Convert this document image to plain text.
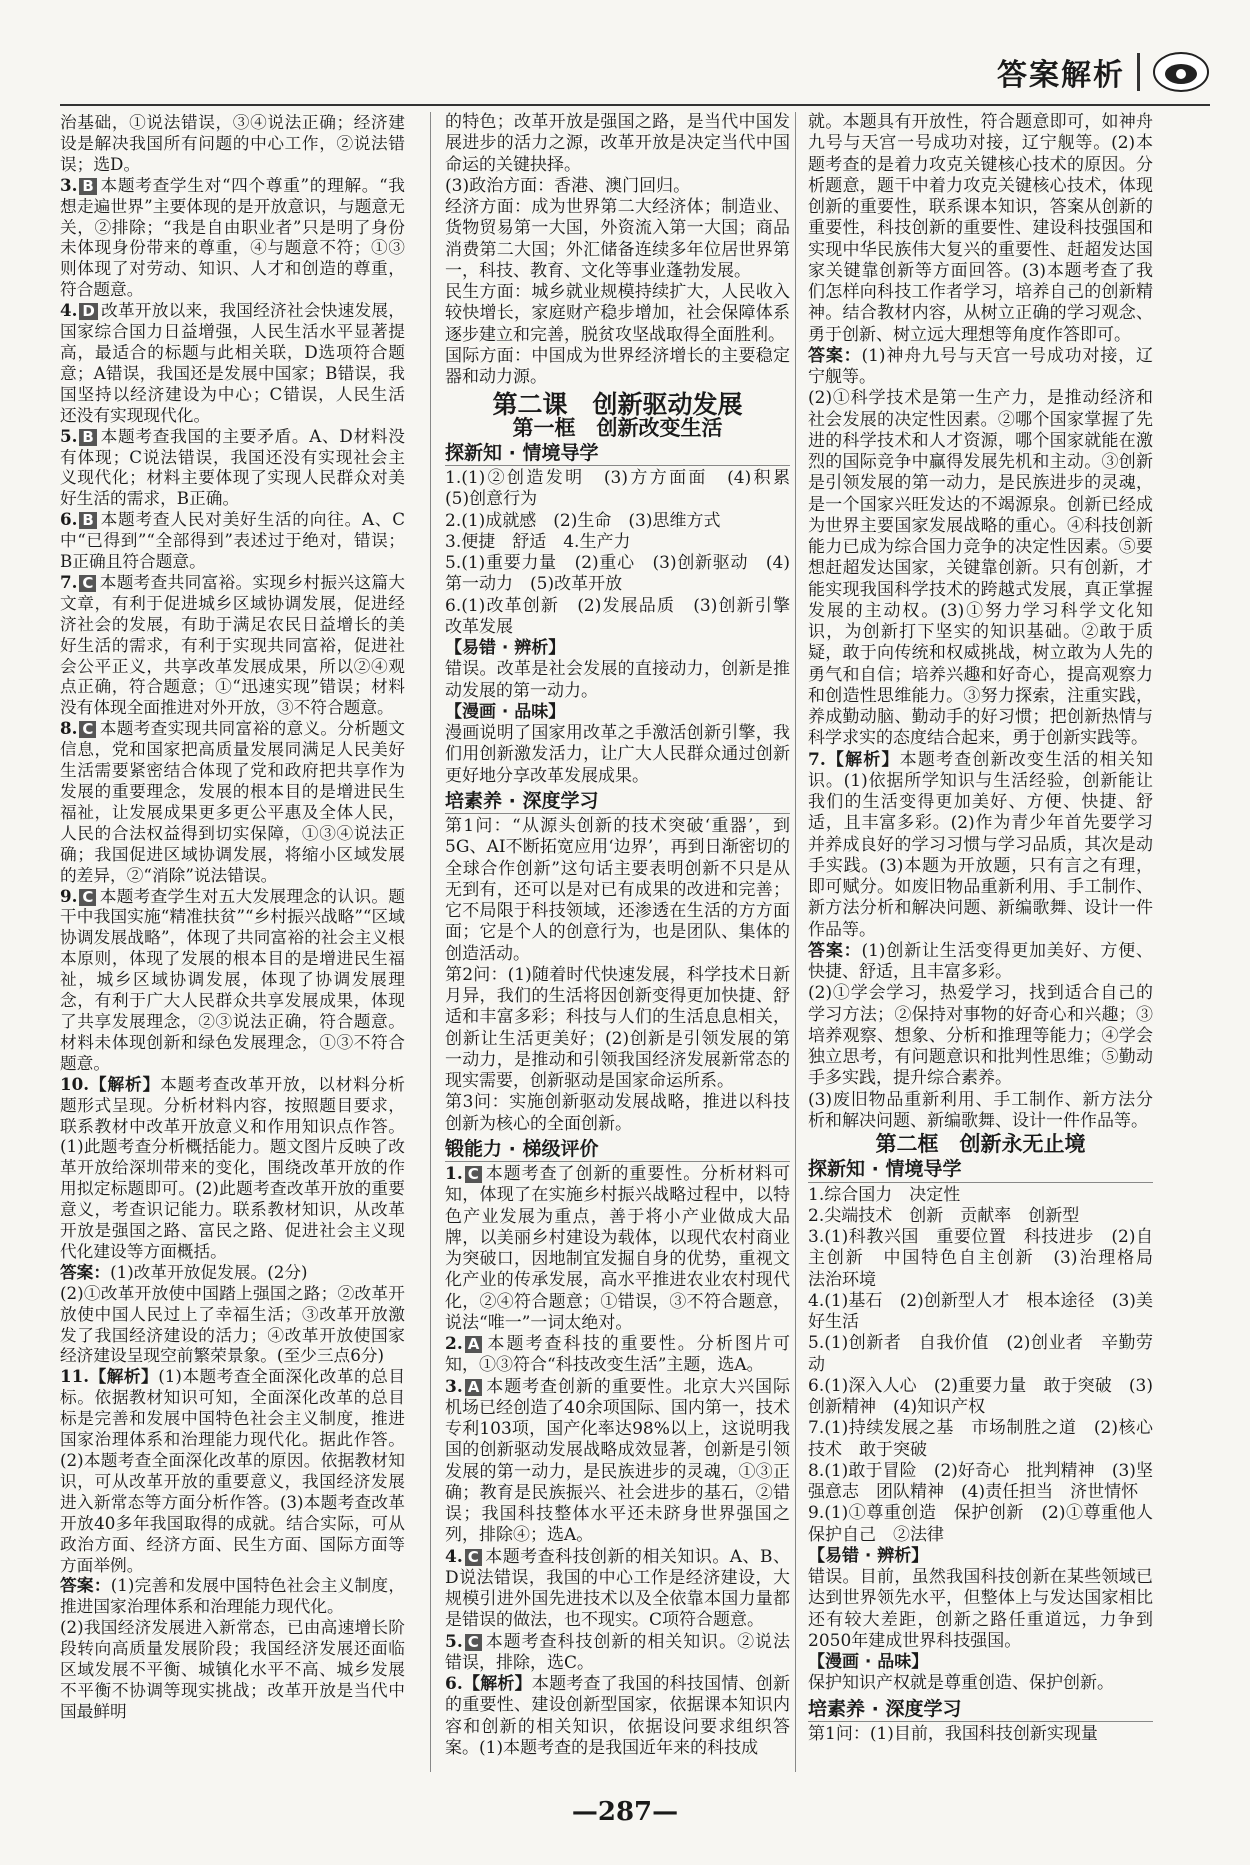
答案解析
治基础，①说法错误，③④说法正确；经济建设是解决我国所有问题的中心工作，②说法错误；选D。
3. B 本题考查学生对“四个尊重”的理解。“我想走遍世界”主要体现的是开放意识，与题意无关，②排除；“我是自由职业者”只是明了身份未体现身份带来的尊重，④与题意不符；①③则体现了对劳动、知识、人才和创造的尊重，符合题意。
4. D 改革开放以来，我国经济社会快速发展，国家综合国力日益增强，人民生活水平显著提高，最适合的标题与此相关联，D选项符合题意；A错误，我国还是发展中国家；B错误，我国坚持以经济建设为中心；C错误，人民生活还没有实现现代化。
5. B 本题考查我国的主要矛盾。A、D材料没有体现；C说法错误，我国还没有实现社会主义现代化；材料主要体现了实现人民群众对美好生活的需求，B正确。
6. B 本题考查人民对美好生活的向往。A、C中“已得到”“全部得到”表述过于绝对，错误；B正确且符合题意。
7. C 本题考查共同富裕。实现乡村振兴这篇大文章，有利于促进城乡区域协调发展，促进经济社会的发展，有助于满足农民日益增长的美好生活的需求，有利于实现共同富裕，促进社会公平正义，共享改革发展成果，所以②④观点正确，符合题意；①“迅速实现”错误；材料没有体现全面推进对外开放，③不符合题意。
8. C 本题考查实现共同富裕的意义。分析题文信息，党和国家把高质量发展同满足人民美好生活需要紧密结合体现了党和政府把共享作为发展的重要理念，发展的根本目的是增进民生福祉，让发展成果更多更公平惠及全体人民，人民的合法权益得到切实保障，①③④说法正确；我国促进区域协调发展，将缩小区域发展的差异，②“消除”说法错误。
9. C 本题考查学生对五大发展理念的认识。题干中我国实施“精准扶贫”“乡村振兴战略”“区域协调发展战略”，体现了共同富裕的社会主义根本原则，体现了发展的根本目的是增进民生福祉，城乡区域协调发展，体现了协调发展理念，有利于广大人民群众共享发展成果，体现了共享发展理念，②③说法正确，符合题意。材料未体现创新和绿色发展理念，①③不符合题意。
10.【解析】本题考查改革开放，以材料分析题形式呈现。分析材料内容，按照题目要求，联系教材中改革开放意义和作用知识点作答。(1)此题考查分析概括能力。题文图片反映了改革开放给深圳带来的变化，围绕改革开放的作用拟定标题即可。(2)此题考查改革开放的重要意义，考查识记能力。联系教材知识，从改革开放是强国之路、富民之路、促进社会主义现代化建设等方面概括。
答案：(1)改革开放促发展。(2分)
(2)①改革开放使中国踏上强国之路；②改革开放使中国人民过上了幸福生活；③改革开放激发了我国经济建设的活力；④改革开放使国家经济建设呈现空前繁荣景象。(至少三点6分)
11.【解析】(1)本题考查全面深化改革的总目标。依据教材知识可知，全面深化改革的总目标是完善和发展中国特色社会主义制度，推进国家治理体系和治理能力现代化。据此作答。(2)本题考查全面深化改革的原因。依据教材知识，可从改革开放的重要意义，我国经济发展进入新常态等方面分析作答。(3)本题考查改革开放40多年我国取得的成就。结合实际，可从政治方面、经济方面、民生方面、国际方面等方面举例。
答案：(1)完善和发展中国特色社会主义制度，推进国家治理体系和治理能力现代化。
(2)我国经济发展进入新常态，已由高速增长阶段转向高质量发展阶段；我国经济发展还面临区域发展不平衡、城镇化水平不高、城乡发展不平衡不协调等现实挑战；改革开放是当代中国最鲜明
的特色；改革开放是强国之路，是当代中国发展进步的活力之源，改革开放是决定当代中国命运的关键抉择。
(3)政治方面：香港、澳门回归。
经济方面：成为世界第二大经济体；制造业、货物贸易第一大国，外资流入第一大国；商品消费第二大国；外汇储备连续多年位居世界第一，科技、教育、文化等事业蓬勃发展。
民生方面：城乡就业规模持续扩大，人民收入较快增长，家庭财产稳步增加，社会保障体系逐步建立和完善，脱贫攻坚战取得全面胜利。
国际方面：中国成为世界经济增长的主要稳定器和动力源。
第二课　创新驱动发展
第一框　创新改变生活
探新知 · 情境导学
1.(1)②创造发明　(3)方方面面　(4)积累　(5)创意行为
2.(1)成就感　(2)生命　(3)思维方式
3.便捷　舒适　4.生产力
5.(1)重要力量　(2)重心　(3)创新驱动　(4)第一动力　(5)改革开放
6.(1)改革创新　(2)发展品质　(3)创新引擎　改革发展
【易错 · 辨析】
错误。改革是社会发展的直接动力，创新是推动发展的第一动力。
【漫画 · 品味】
漫画说明了国家用改革之手激活创新引擎，我们用创新激发活力，让广大人民群众通过创新更好地分享改革发展成果。
培素养 · 深度学习
第1问：“从源头创新的技术突破‘重器’，到5G、AI不断拓宽应用‘边界’，再到日渐密切的全球合作创新”这句话主要表明创新不只是从无到有，还可以是对已有成果的改进和完善；它不局限于科技领域，还渗透在生活的方方面面；它是个人的创意行为，也是团队、集体的创造活动。
第2问：(1)随着时代快速发展，科学技术日新月异，我们的生活将因创新变得更加快捷、舒适和丰富多彩；科技与人们的生活息息相关，创新让生活更美好；(2)创新是引领发展的第一动力，是推动和引领我国经济发展新常态的现实需要，创新驱动是国家命运所系。
第3问：实施创新驱动发展战略，推进以科技创新为核心的全面创新。
锻能力 · 梯级评价
1. C 本题考查了创新的重要性。分析材料可知，体现了在实施乡村振兴战略过程中，以特色产业发展为重点，善于将小产业做成大品牌，以美丽乡村建设为载体，以现代农村商业为突破口，因地制宜发掘自身的优势，重视文化产业的传承发展，高水平推进农业农村现代化，②④符合题意；①错误，③不符合题意，说法“唯一”一词太绝对。
2. A 本题考查科技的重要性。分析图片可知，①③符合“科技改变生活”主题，选A。
3. A 本题考查创新的重要性。北京大兴国际机场已经创造了40余项国际、国内第一，技术专利103项，国产化率达98%以上，这说明我国的创新驱动发展战略成效显著，创新是引领发展的第一动力，是民族进步的灵魂，①③正确；教育是民族振兴、社会进步的基石，②错误；我国科技整体水平还未跻身世界强国之列，排除④；选A。
4. C 本题考查科技创新的相关知识。A、B、D说法错误，我国的中心工作是经济建设，大规模引进外国先进技术以及全依靠本国力量都是错误的做法，也不现实。C项符合题意。
5. C 本题考查科技创新的相关知识。②说法错误，排除，选C。
6.【解析】本题考查了我国的科技国情、创新的重要性、建设创新型国家，依据课本知识内容和创新的相关知识，依据设问要求组织答案。(1)本题考查的是我国近年来的科技成
就。本题具有开放性，符合题意即可，如神舟九号与天宫一号成功对接，辽宁舰等。(2)本题考查的是着力攻克关键核心技术的原因。分析题意，题干中着力攻克关键核心技术，体现创新的重要性，联系课本知识，答案从创新的重要性，科技创新的重要性、建设科技强国和实现中华民族伟大复兴的重要性、赶超发达国家关键靠创新等方面回答。(3)本题考查了我们怎样向科技工作者学习，培养自己的创新精神。结合教材内容，从树立正确的学习观念、勇于创新、树立远大理想等角度作答即可。
答案：(1)神舟九号与天宫一号成功对接，辽宁舰等。
(2)①科学技术是第一生产力，是推动经济和社会发展的决定性因素。②哪个国家掌握了先进的科学技术和人才资源，哪个国家就能在激烈的国际竞争中赢得发展先机和主动。③创新是引领发展的第一动力，是民族进步的灵魂，是一个国家兴旺发达的不竭源泉。创新已经成为世界主要国家发展战略的重心。④科技创新能力已成为综合国力竞争的决定性因素。⑤要想赶超发达国家，关键靠创新。只有创新，才能实现我国科学技术的跨越式发展，真正掌握发展的主动权。(3)①努力学习科学文化知识，为创新打下坚实的知识基础。②敢于质疑，敢于向传统和权威挑战，树立敢为人先的勇气和自信；培养兴趣和好奇心，提高观察力和创造性思维能力。③努力探索，注重实践，养成勤动脑、勤动手的好习惯；把创新热情与科学求实的态度结合起来，勇于创新实践等。
7.【解析】本题考查创新改变生活的相关知识。(1)依据所学知识与生活经验，创新能让我们的生活变得更加美好、方便、快捷、舒适，且丰富多彩。(2)作为青少年首先要学习并养成良好的学习习惯与学习品质，其次是动手实践。(3)本题为开放题，只有言之有理，即可赋分。如废旧物品重新利用、手工制作、新方法分析和解决问题、新编歌舞、设计一件作品等。
答案：(1)创新让生活变得更加美好、方便、快捷、舒适，且丰富多彩。
(2)①学会学习，热爱学习，找到适合自己的学习方法；②保持对事物的好奇心和兴趣；③培养观察、想象、分析和推理等能力；④学会独立思考，有问题意识和批判性思维；⑤勤动手多实践，提升综合素养。
(3)废旧物品重新利用、手工制作、新方法分析和解决问题、新编歌舞、设计一件作品等。
第二框　创新永无止境
探新知 · 情境导学
1.综合国力　决定性
2.尖端技术　创新　贡献率　创新型
3.(1)科教兴国　重要位置　科技进步　(2)自主创新　中国特色自主创新　(3)治理格局　法治环境
4.(1)基石　(2)创新型人才　根本途径　(3)美好生活
5.(1)创新者　自我价值　(2)创业者　辛勤劳动
6.(1)深入人心　(2)重要力量　敢于突破　(3)创新精神　(4)知识产权
7.(1)持续发展之基　市场制胜之道　(2)核心技术　敢于突破
8.(1)敢于冒险　(2)好奇心　批判精神　(3)坚强意志　团队精神　(4)责任担当　济世情怀
9.(1)①尊重创造　保护创新　(2)①尊重他人　保护自己　②法律
【易错 · 辨析】
错误。目前，虽然我国科技创新在某些领域已达到世界领先水平，但整体上与发达国家相比还有较大差距，创新之路任重道远，力争到2050年建成世界科技强国。
【漫画 · 品味】
保护知识产权就是尊重创造、保护创新。
培素养 · 深度学习
第1问：(1)目前，我国科技创新实现量
—287—
